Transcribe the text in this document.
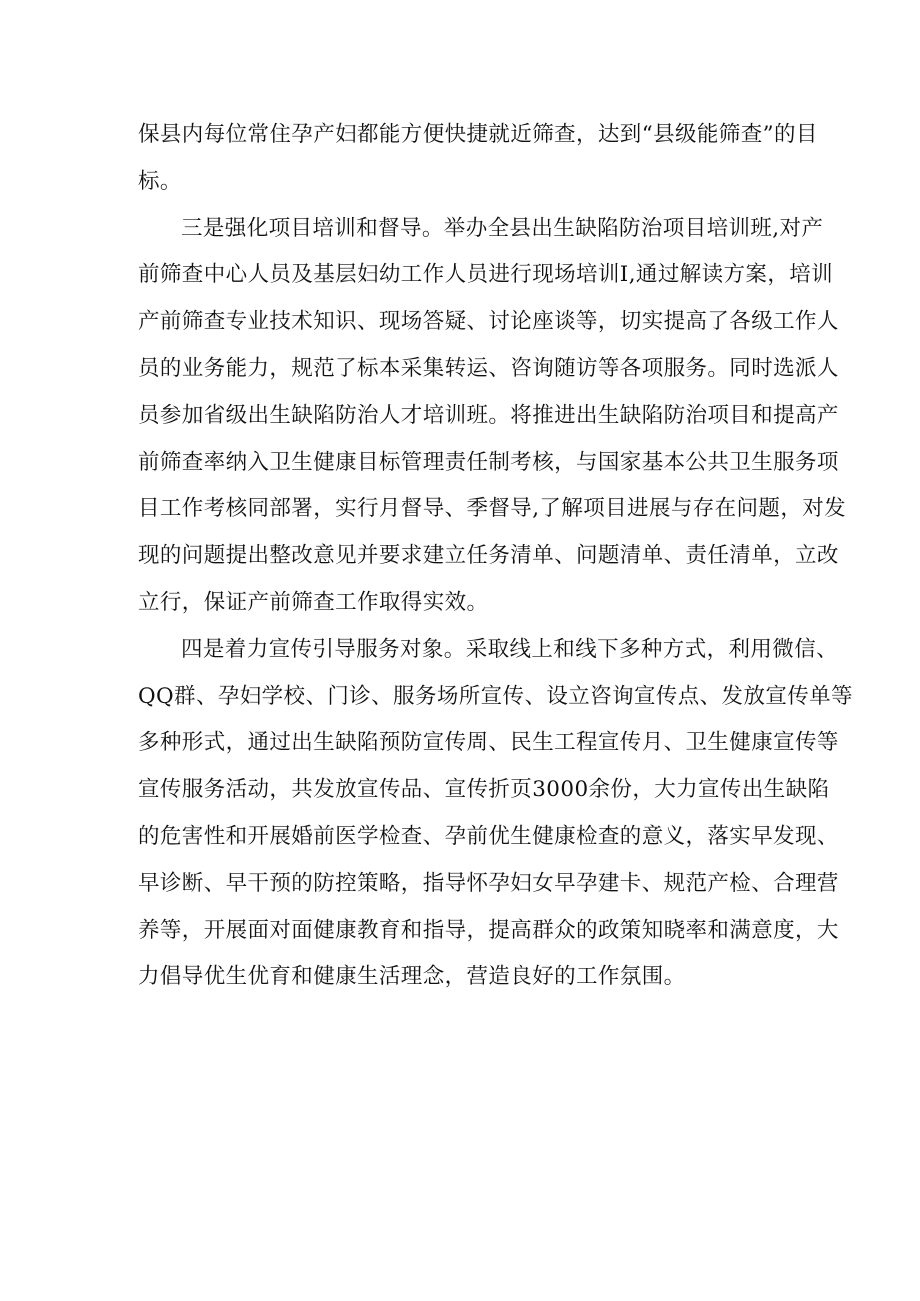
保县内每位常住孕产妇都能方便快捷就近筛查，达到“县级能筛查”的目
标。
三是强化项目培训和督导。举办全县出生缺陷防治项目培训班,对产
前筛查中心人员及基层妇幼工作人员进行现场培训I,通过解读方案，培训
产前筛查专业技术知识、现场答疑、讨论座谈等，切实提高了各级工作人
员的业务能力，规范了标本采集转运、咨询随访等各项服务。同时选派人
员参加省级出生缺陷防治人才培训班。将推进出生缺陷防治项目和提高产
前筛查率纳入卫生健康目标管理责任制考核，与国家基本公共卫生服务项
目工作考核同部署，实行月督导、季督导,了解项目进展与存在问题，对发
现的问题提出整改意见并要求建立任务清单、问题清单、责任清单，立改
立行，保证产前筛查工作取得实效。
四是着力宣传引导服务对象。采取线上和线下多种方式，利用微信、
QQ群、孕妇学校、门诊、服务场所宣传、设立咨询宣传点、发放宣传单等
多种形式，通过出生缺陷预防宣传周、民生工程宣传月、卫生健康宣传等
宣传服务活动，共发放宣传品、宣传折页3000余份，大力宣传出生缺陷
的危害性和开展婚前医学检查、孕前优生健康检查的意义，落实早发现、
早诊断、早干预的防控策略，指导怀孕妇女早孕建卡、规范产检、合理营
养等，开展面对面健康教育和指导，提高群众的政策知晓率和满意度，大
力倡导优生优育和健康生活理念，营造良好的工作氛围。
